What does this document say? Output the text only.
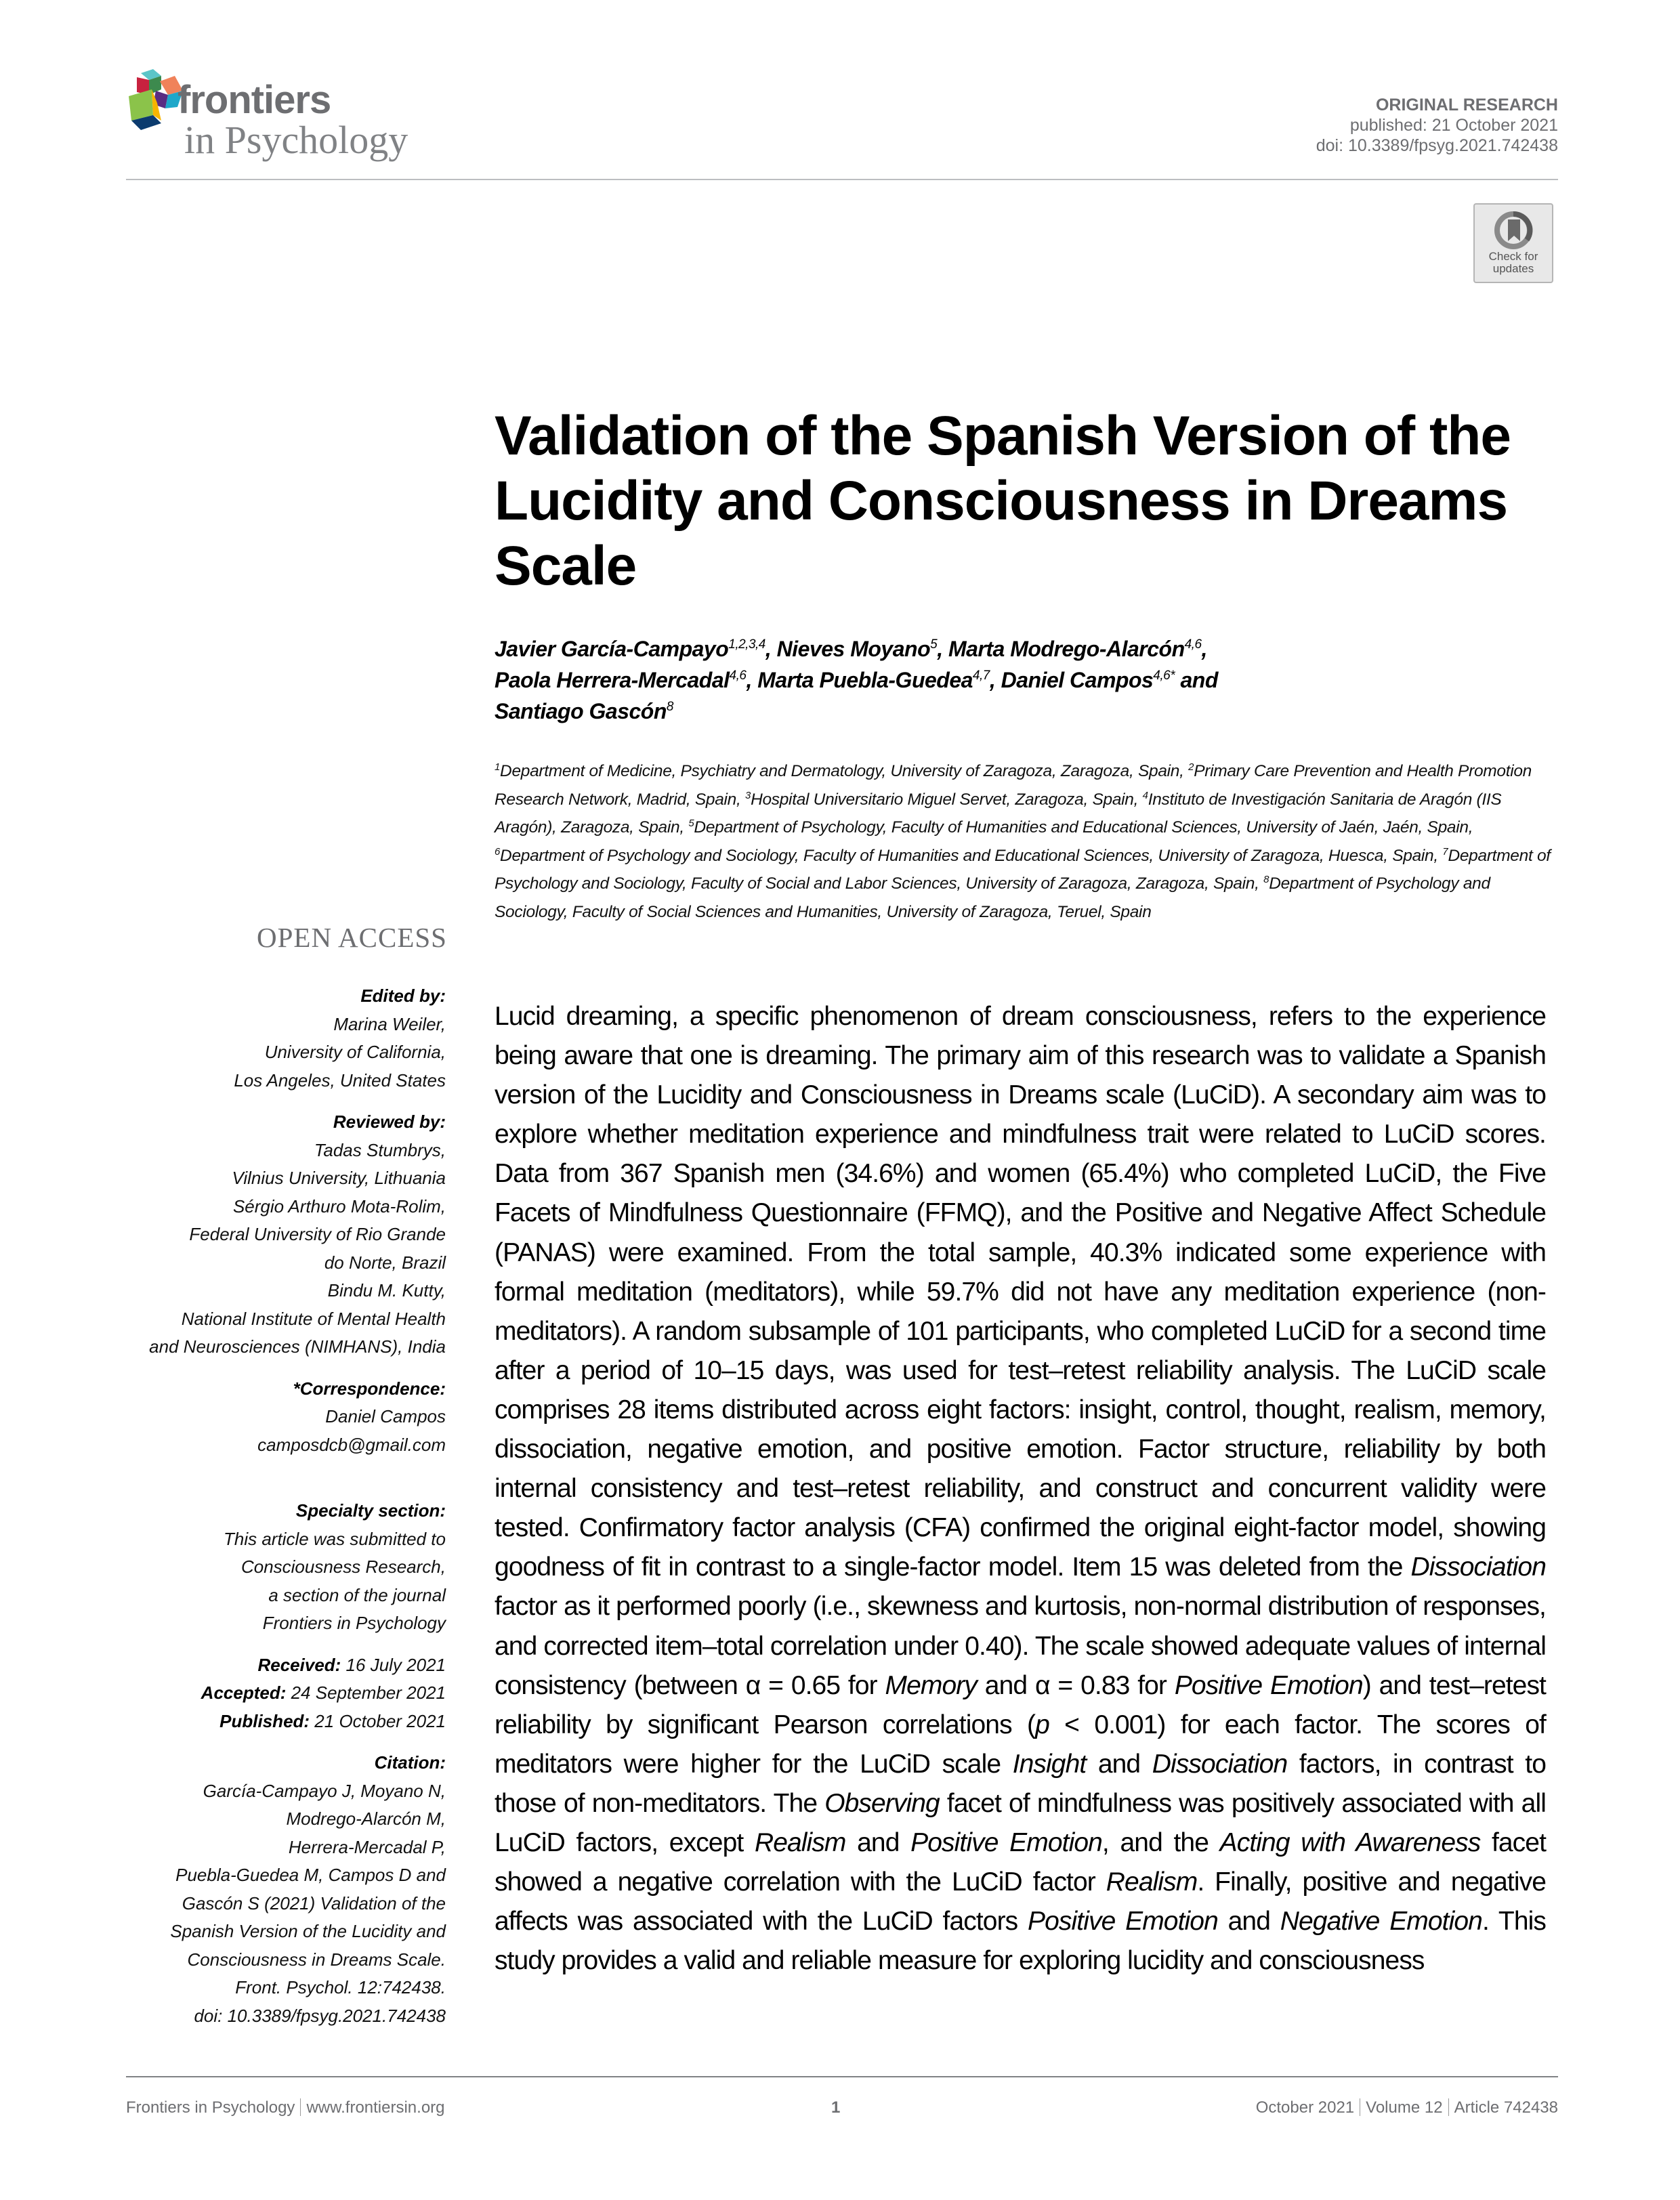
frontiers
in Psychology
ORIGINAL RESEARCH
published: 21 October 2021
doi: 10.3389/fpsyg.2021.742438
Check for
updates
Validation of the Spanish Version of the Lucidity and Consciousness in Dreams Scale
Javier García-Campayo$^{1,2,3,4}$, Nieves Moyano$^5$, Marta Modrego-Alarcón$^{4,6}$,
Paola Herrera-Mercadal$^{4,6}$, Marta Puebla-Guedea$^{4,7}$, Daniel Campos$^{4,6*}$ and
Santiago Gascón$^8$
$^1$Department of Medicine, Psychiatry and Dermatology, University of Zaragoza, Zaragoza, Spain, $^2$Primary Care Prevention and Health Promotion Research Network, Madrid, Spain, $^3$Hospital Universitario Miguel Servet, Zaragoza, Spain, $^4$Instituto de Investigación Sanitaria de Aragón (IIS Aragón), Zaragoza, Spain, $^5$Department of Psychology, Faculty of Humanities and Educational Sciences, University of Jaén, Jaén, Spain, $^6$Department of Psychology and Sociology, Faculty of Humanities and Educational Sciences, University of Zaragoza, Huesca, Spain, $^7$Department of Psychology and Sociology, Faculty of Social and Labor Sciences, University of Zaragoza, Zaragoza, Spain, $^8$Department of Psychology and Sociology, Faculty of Social Sciences and Humanities, University of Zaragoza, Teruel, Spain
OPEN ACCESS
Edited by:
Marina Weiler,
University of California,
Los Angeles, United States
Reviewed by:
Tadas Stumbrys,
Vilnius University, Lithuania
Sérgio Arthuro Mota-Rolim,
Federal University of Rio Grande
do Norte, Brazil
Bindu M. Kutty,
National Institute of Mental Health
and Neurosciences (NIMHANS), India
*Correspondence:
Daniel Campos
camposdcb@gmail.com
Specialty section:
This article was submitted to
Consciousness Research,
a section of the journal
Frontiers in Psychology
Received: 16 July 2021
Accepted: 24 September 2021
Published: 21 October 2021
Citation:
García-Campayo J, Moyano N,
Modrego-Alarcón M,
Herrera-Mercadal P,
Puebla-Guedea M, Campos D and
Gascón S (2021) Validation of the
Spanish Version of the Lucidity and
Consciousness in Dreams Scale.
Front. Psychol. 12:742438.
doi: 10.3389/fpsyg.2021.742438
Lucid dreaming, a specific phenomenon of dream consciousness, refers to the experience being aware that one is dreaming. The primary aim of this research was to validate a Spanish version of the Lucidity and Consciousness in Dreams scale (LuCiD). A secondary aim was to explore whether meditation experience and mindfulness trait were related to LuCiD scores. Data from 367 Spanish men (34.6%) and women (65.4%) who completed LuCiD, the Five Facets of Mindfulness Questionnaire (FFMQ), and the Positive and Negative Affect Schedule (PANAS) were examined. From the total sample, 40.3% indicated some experience with formal meditation (meditators), while 59.7% did not have any meditation experience (non-meditators). A random subsample of 101 participants, who completed LuCiD for a second time after a period of 10–15 days, was used for test–retest reliability analysis. The LuCiD scale comprises 28 items distributed across eight factors: insight, control, thought, realism, memory, dissociation, negative emotion, and positive emotion. Factor structure, reliability by both internal consistency and test–retest reliability, and construct and concurrent validity were tested. Confirmatory factor analysis (CFA) confirmed the original eight-factor model, showing goodness of fit in contrast to a single-factor model. Item 15 was deleted from the Dissociation factor as it performed poorly (i.e., skewness and kurtosis, non-normal distribution of responses, and corrected item–total correlation under 0.40). The scale showed adequate values of internal consistency (between α = 0.65 for Memory and α = 0.83 for Positive Emotion) and test–retest reliability by significant Pearson correlations (p < 0.001) for each factor. The scores of meditators were higher for the LuCiD scale Insight and Dissociation factors, in contrast to those of non-meditators. The Observing facet of mindfulness was positively associated with all LuCiD factors, except Realism and Positive Emotion, and the Acting with Awareness facet showed a negative correlation with the LuCiD factor Realism. Finally, positive and negative affects was associated with the LuCiD factors Positive Emotion and Negative Emotion. This study provides a valid and reliable measure for exploring lucidity and consciousness
Frontiers in Psychology www.frontiersin.org	1	October 2021 Volume 12 Article 742438
